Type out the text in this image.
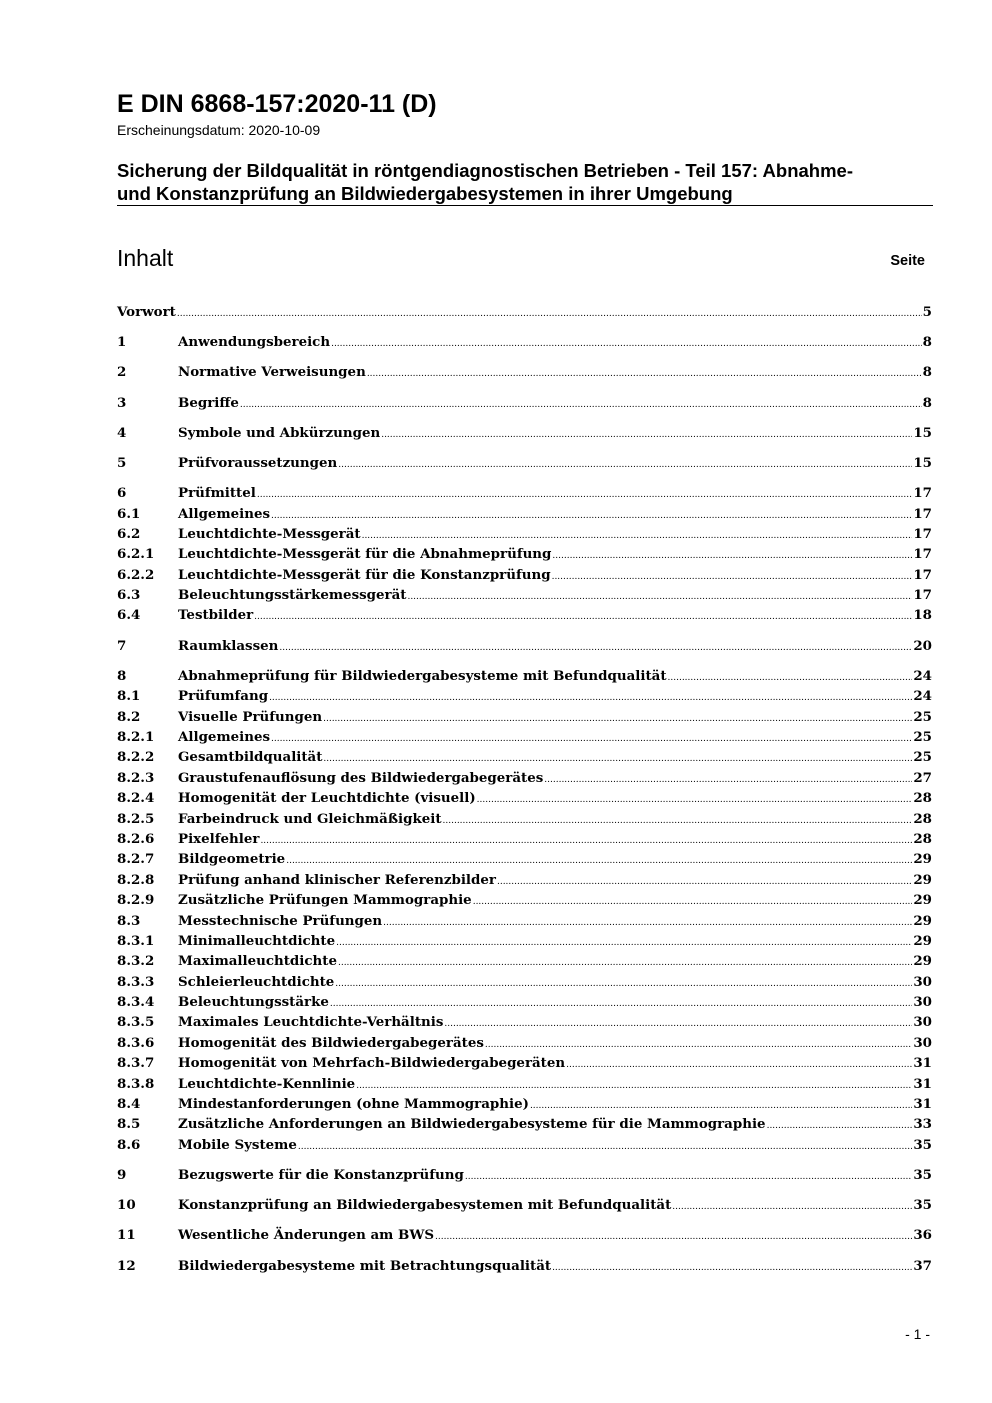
E DIN 6868-157:2020-11 (D)
Erscheinungsdatum: 2020-10-09
Sicherung der Bildqualität in röntgendiagnostischen Betrieben - Teil 157: Abnahme-
und Konstanzprüfung an Bildwiedergabesystemen in ihrer Umgebung
Inhalt	Seite
Vorwort .....	5
1	Anwendungsbereich .....	8
2	Normative Verweisungen .....	8
3	Begriffe .....	8
4	Symbole und Abkürzungen .....	15
5	Prüfvoraussetzungen .....	15
6	Prüfmittel .....	17
6.1	Allgemeines .....	17
6.2	Leuchtdichte-Messgerät .....	17
6.2.1	Leuchtdichte-Messgerät für die Abnahmeprüfung .....	17
6.2.2	Leuchtdichte-Messgerät für die Konstanzprüfung .....	17
6.3	Beleuchtungsstärkemessgerät .....	17
6.4	Testbilder .....	18
7	Raumklassen .....	20
8	Abnahmeprüfung für Bildwiedergabesysteme mit Befundqualität .....	24
8.1	Prüfumfang .....	24
8.2	Visuelle Prüfungen .....	25
8.2.1	Allgemeines .....	25
8.2.2	Gesamtbildqualität .....	25
8.2.3	Graustufenauflösung des Bildwiedergabegerätes .....	27
8.2.4	Homogenität der Leuchtdichte (visuell) .....	28
8.2.5	Farbeindruck und Gleichmäßigkeit .....	28
8.2.6	Pixelfehler .....	28
8.2.7	Bildgeometrie .....	29
8.2.8	Prüfung anhand klinischer Referenzbilder .....	29
8.2.9	Zusätzliche Prüfungen Mammographie .....	29
8.3	Messtechnische Prüfungen .....	29
8.3.1	Minimalleuchtdichte .....	29
8.3.2	Maximalleuchtdichte .....	29
8.3.3	Schleierleuchtdichte .....	30
8.3.4	Beleuchtungsstärke .....	30
8.3.5	Maximales Leuchtdichte-Verhältnis .....	30
8.3.6	Homogenität des Bildwiedergabegerätes .....	30
8.3.7	Homogenität von Mehrfach-Bildwiedergabegeräten .....	31
8.3.8	Leuchtdichte-Kennlinie .....	31
8.4	Mindestanforderungen (ohne Mammographie) .....	31
8.5	Zusätzliche Anforderungen an Bildwiedergabesysteme für die Mammographie .....	33
8.6	Mobile Systeme .....	35
9	Bezugswerte für die Konstanzprüfung .....	35
10	Konstanzprüfung an Bildwiedergabesystemen mit Befundqualität .....	35
11	Wesentliche Änderungen am BWS .....	36
12	Bildwiedergabesysteme mit Betrachtungsqualität .....	37
- 1 -
